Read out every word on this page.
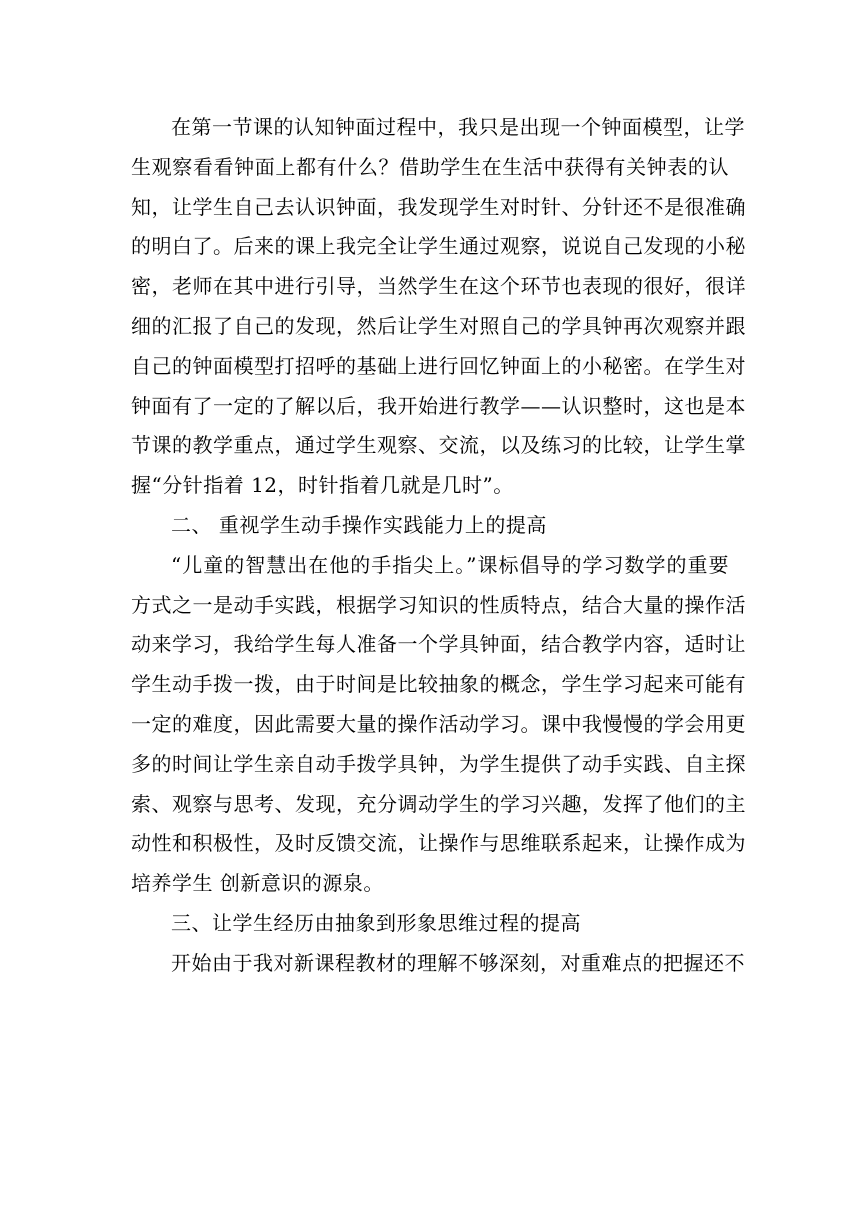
在第一节课的认知钟面过程中，我只是出现一个钟面模型，让学
生观察看看钟面上都有什么？借助学生在生活中获得有关钟表的认
知，让学生自己去认识钟面，我发现学生对时针、分针还不是很准确
的明白了。后来的课上我完全让学生通过观察，说说自己发现的小秘
密，老师在其中进行引导，当然学生在这个环节也表现的很好，很详
细的汇报了自己的发现，然后让学生对照自己的学具钟再次观察并跟
自己的钟面模型打招呼的基础上进行回忆钟面上的小秘密。在学生对
钟面有了一定的了解以后，我开始进行教学——认识整时，这也是本
节课的教学重点，通过学生观察、交流，以及练习的比较，让学生掌
握“分针指着 12，时针指着几就是几时”。
二、 重视学生动手操作实践能力上的提高
“儿童的智慧出在他的手指尖上。”课标倡导的学习数学的重要
方式之一是动手实践，根据学习知识的性质特点，结合大量的操作活
动来学习，我给学生每人准备一个学具钟面，结合教学内容，适时让
学生动手拨一拨，由于时间是比较抽象的概念，学生学习起来可能有
一定的难度，因此需要大量的操作活动学习。课中我慢慢的学会用更
多的时间让学生亲自动手拨学具钟，为学生提供了动手实践、自主探
索、观察与思考、发现，充分调动学生的学习兴趣，发挥了他们的主
动性和积极性，及时反馈交流，让操作与思维联系起来，让操作成为
培养学生 创新意识的源泉。
三、让学生经历由抽象到形象思维过程的提高
开始由于我对新课程教材的理解不够深刻，对重难点的把握还不
